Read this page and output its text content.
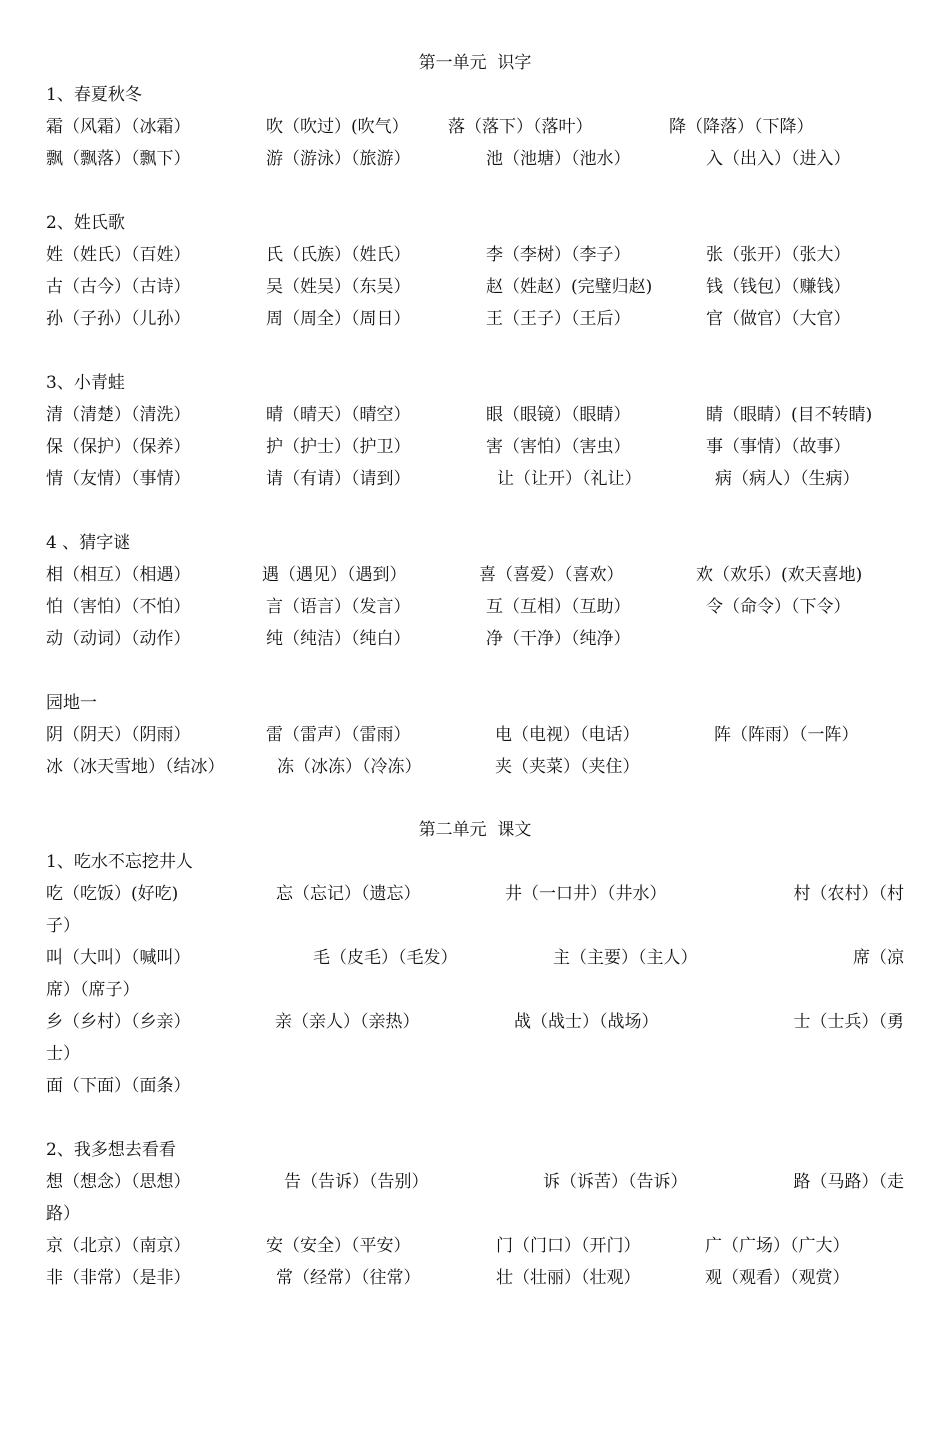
第一单元  识字
1、春夏秋冬

霜（风霜）（冰霜）

	吹（吹过）(吹气）

落（落下）（落叶）

	降（降落）（下降）

飘（飘落）（飘下）

	游（游泳）（旅游）

	池（池塘）（池水）

	入（出入）（进入）

2、姓氏歌

姓（姓氏）（百姓）

	氏（氏族）（姓氏）

	李（李树）（李子）

	张（张开）（张大）

古（古今）（古诗）

	吴（姓吴）（东吴）

	赵（姓赵）(完璧归赵)

	钱（钱包）（赚钱）

孙（子孙）（儿孙）

	周（周全）（周日）

	王（王子）（王后）

	官（做官）（大官）

3、小青蛙

清（清楚）（清洗）

	晴（晴天）（晴空）

	眼（眼镜）（眼睛）

	睛（眼睛）(目不转睛)

保（保护）（保养）

	护（护士）（护卫）

	害（害怕）（害虫）

	事（事情）（故事）

情（友情）（事情）

	请（有请）（请到）

	让（让开）（礼让）

	病（病人）（生病）

4 、猜字谜

相（相互）（相遇）

	遇（遇见）（遇到）

	喜（喜爱）（喜欢）

	欢（欢乐）(欢天喜地)

怕（害怕）（不怕）

	言（语言）（发言）

	互（互相）（互助）

	令（命令）（下令）

动（动词）（动作）

	纯（纯洁）（纯白）

	净（干净）（纯净）

园地一

阴（阴天）（阴雨）

	雷（雷声）（雷雨）

	电（电视）（电话）

	阵（阵雨）（一阵）

冰（冰天雪地）（结冰）

	冻（冰冻）（冷冻）

	夹（夹菜）（夹住）

第二单元  课文
1、吃水不忘挖井人

吃（吃饭）(好吃)

	忘（忘记）（遗忘）

	井（一口井）（井水）

	村（农村）（村

子）

叫（大叫）（喊叫）

	毛（皮毛）（毛发）

	主（主要）（主人）

	席（凉

席）（席子）

乡（乡村）（乡亲）

	亲（亲人）（亲热）

	战（战士）（战场）

	士（士兵）（勇

士）
面（下面）（面条）
2、我多想去看看

想（想念）（思想）

	告（告诉）（告别）

	诉（诉苦）（告诉）

	路（马路）（走

路）

京（北京）（南京）

	安（安全）（平安）

	门（门口）（开门）

	广（广场）（广大）

非（非常）（是非）

	常（经常）（往常）

	壮（壮丽）（壮观）

	观（观看）（观赏）
